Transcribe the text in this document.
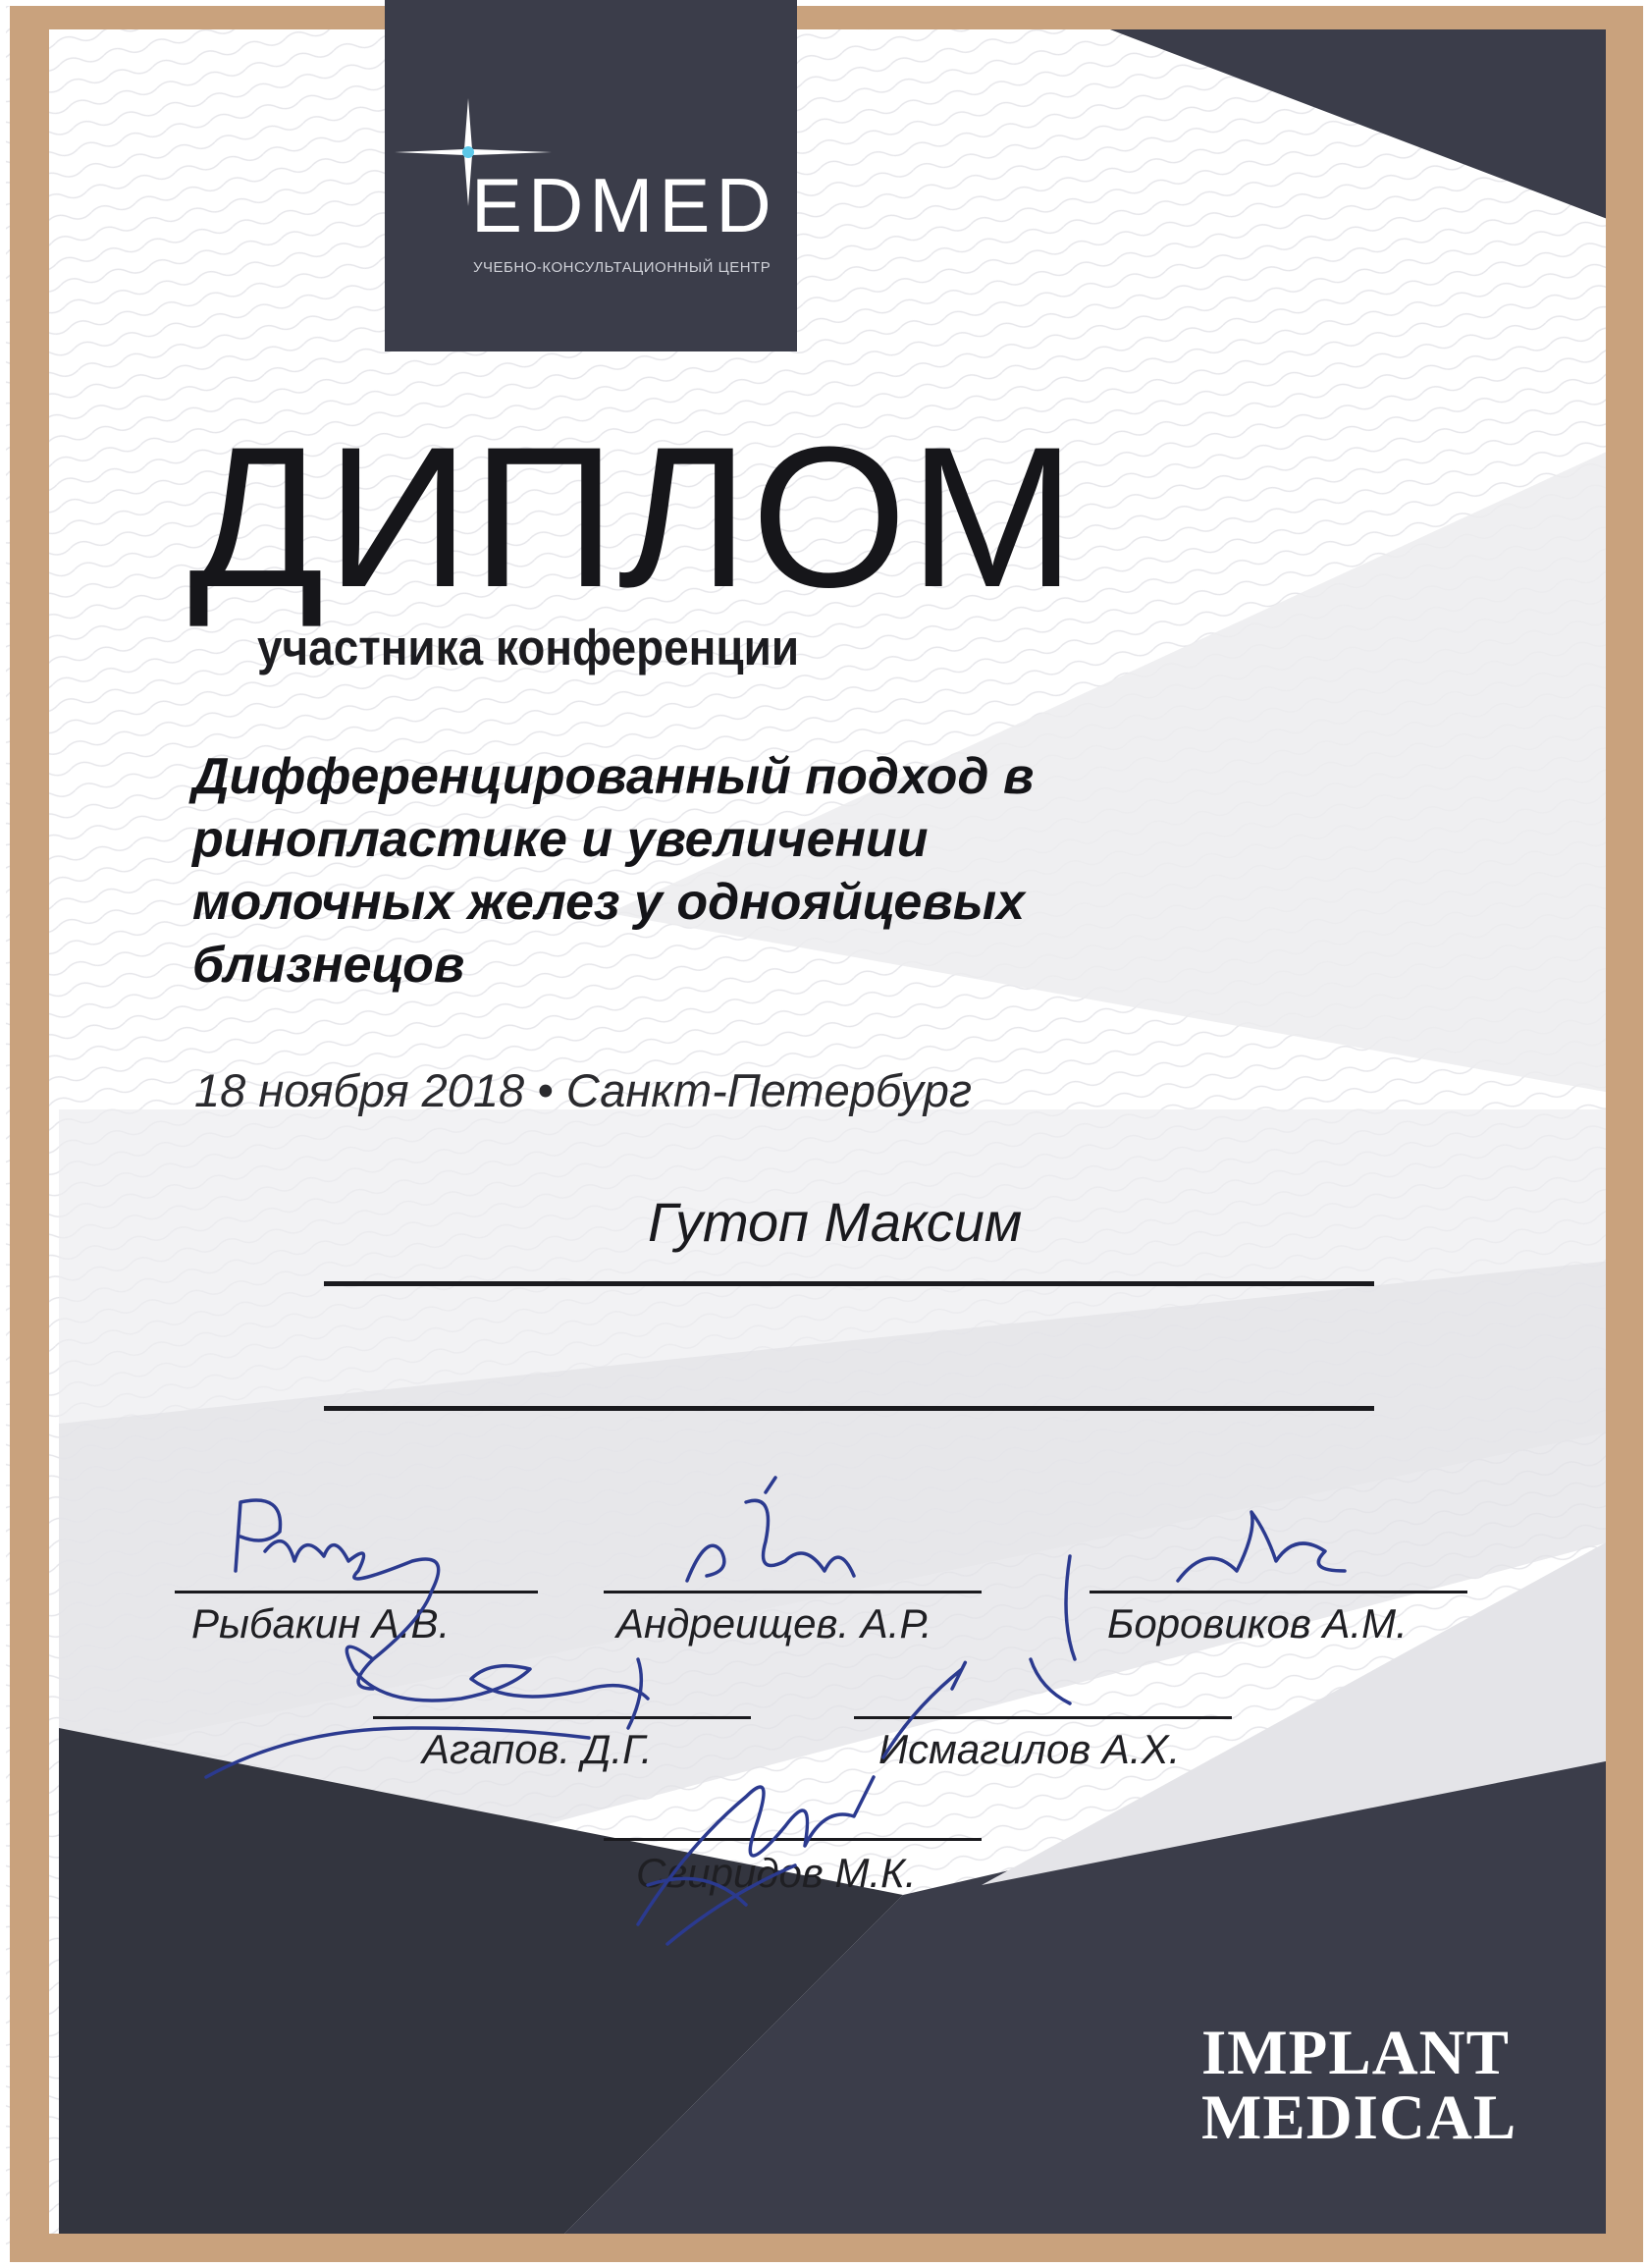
EDMED
УЧЕБНО-КОНСУЛЬТАЦИОННЫЙ ЦЕНТР
ДИПЛОМ
участника конференции
Дифференцированный подход в
ринопластике и увеличении
молочных желез у однояйцевых
близнецов
18 ноября 2018 • Санкт-Петербург
Гутоп Максим
Рыбакин А.В.	Андреищев. А.Р.	Боровиков А.М.
Агапов. Д.Г.	Исмагилов А.Х.
Свиридов М.К.
IMPLANT
MEDICAL
